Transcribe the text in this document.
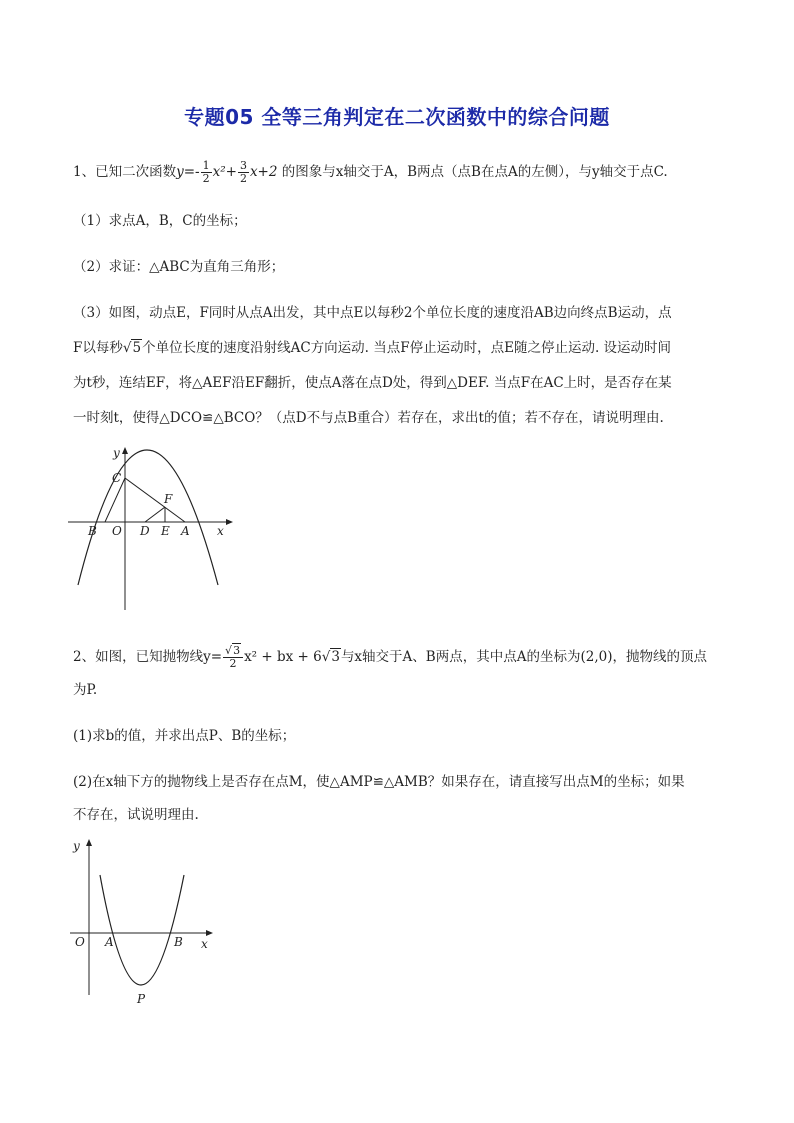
专题05 全等三角判定在二次函数中的综合问题
1、已知二次函数$y=- \frac{1}{2} x^2+ \frac{3}{2} x+2$ 的图象与x轴交于A，B两点（点B在点A的左侧），与y轴交于点C.
（1）求点A，B，C的坐标；
（2）求证：△ABC为直角三角形；
（3）如图，动点E，F同时从点A出发，其中点E以每秒2个单位长度的速度沿AB边向终点B运动，点
F以每秒√5个单位长度的速度沿射线AC方向运动. 当点F停止运动时，点E随之停止运动. 设运动时间
为t秒，连结EF，将△AEF沿EF翻折，使点A落在点D处，得到△DEF. 当点F在AC上时，是否存在某
一时刻t，使得△DCO≌△BCO？（点D不与点B重合）若存在，求出t的值；若不存在，请说明理由.
y
x
C
F
B O D E A
2、如图，已知抛物线$y= \frac{√3}{2} x^2$ + bx + 6√3与x轴交于A、B两点，其中点A的坐标为(2,0)，抛物线的顶点
为P.
(1)求b的值，并求出点P、B的坐标；
(2)在x轴下方的抛物线上是否存在点M，使△AMP≌△AMB？如果存在，请直接写出点M的坐标；如果
不存在，试说明理由.
y
x
O A	B
P
